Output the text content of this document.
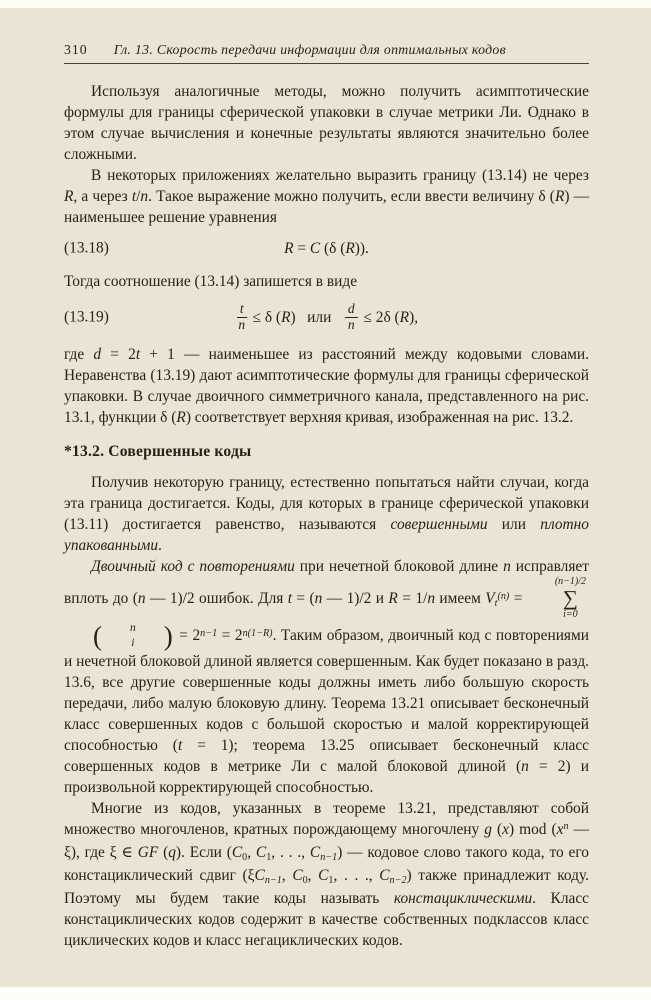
310 Гл. 13. Скорость передачи информации для оптимальных кодов

Используя аналогичные методы, можно получить асимптотические формулы для границы сферической упаковки в случае метрики Ли. Однако в этом случае вычисления и конечные результаты являются значительно более сложными.

В некоторых приложениях желательно выразить границу (13.14) не через R, а через t/n. Такое выражение можно получить, если ввести величину δ (R) — наименьшее решение уравнения

(13.18)	R = C (δ (R)).

Тогда соотношение (13.14) запишется в виде

(13.19)	$\frac{t}{n} \le \delta$ (R)   или $\frac{d}{n} \le 2\delta$ (R),

где d = 2t + 1 — наименьшее из расстояний между кодовыми словами. Неравенства (13.19) дают асимптотические формулы для границы сферической упаковки. В случае двоичного симметричного канала, представленного на рис. 13.1, функции δ (R) соответствует верхняя кривая, изображенная на рис. 13.2.

*13.2. Совершенные коды

Получив некоторую границу, естественно попытаться найти случаи, когда эта граница достигается. Коды, для которых в границе сферической упаковки (13.11) достигается равенство, называются совершенными или плотно упакованными.

Двоичный код с повторениями при нечетной блоковой длине n исправляет вплоть до (n — 1)/2 ошибок. Для t = (n — 1)/2 и R = 1/n имеем $Vt^{(n)}$ =
(n−1)/2
∑
i=0
(	n
i	) = $2^{n-1} = 2^{n(1-R)}$. Таким образом, двоичный код с повторениями и нечетной блоковой длиной является совершенным. Как будет показано в разд. 13.6, все другие совершенные коды должны иметь либо большую скорость передачи, либо малую блоковую длину. Теорема 13.21 описывает бесконечный класс совершенных кодов с большой скоростью и малой корректирующей способностью (t = 1); теорема 13.25 описывает бесконечный класс совершенных кодов в метрике Ли с малой блоковой длиной (n = 2) и произвольной корректирующей способностью.

Многие из кодов, указанных в теореме 13.21, представляют собой множество многочленов, кратных порождающему многочлену g (x) mod ($x^n$ — ξ), где ξ ∈ GF (q). Если (C0, C1, . . ., Cn−1) — кодовое слово такого кода, то его констациклический сдвиг (ξCn−1, C0, C1, . . ., Cn−2) также принадлежит коду. Поэтому мы будем такие коды называть констациклическими. Класс констациклических кодов содержит в качестве собственных подклассов класс циклических кодов и класс негациклических кодов.
